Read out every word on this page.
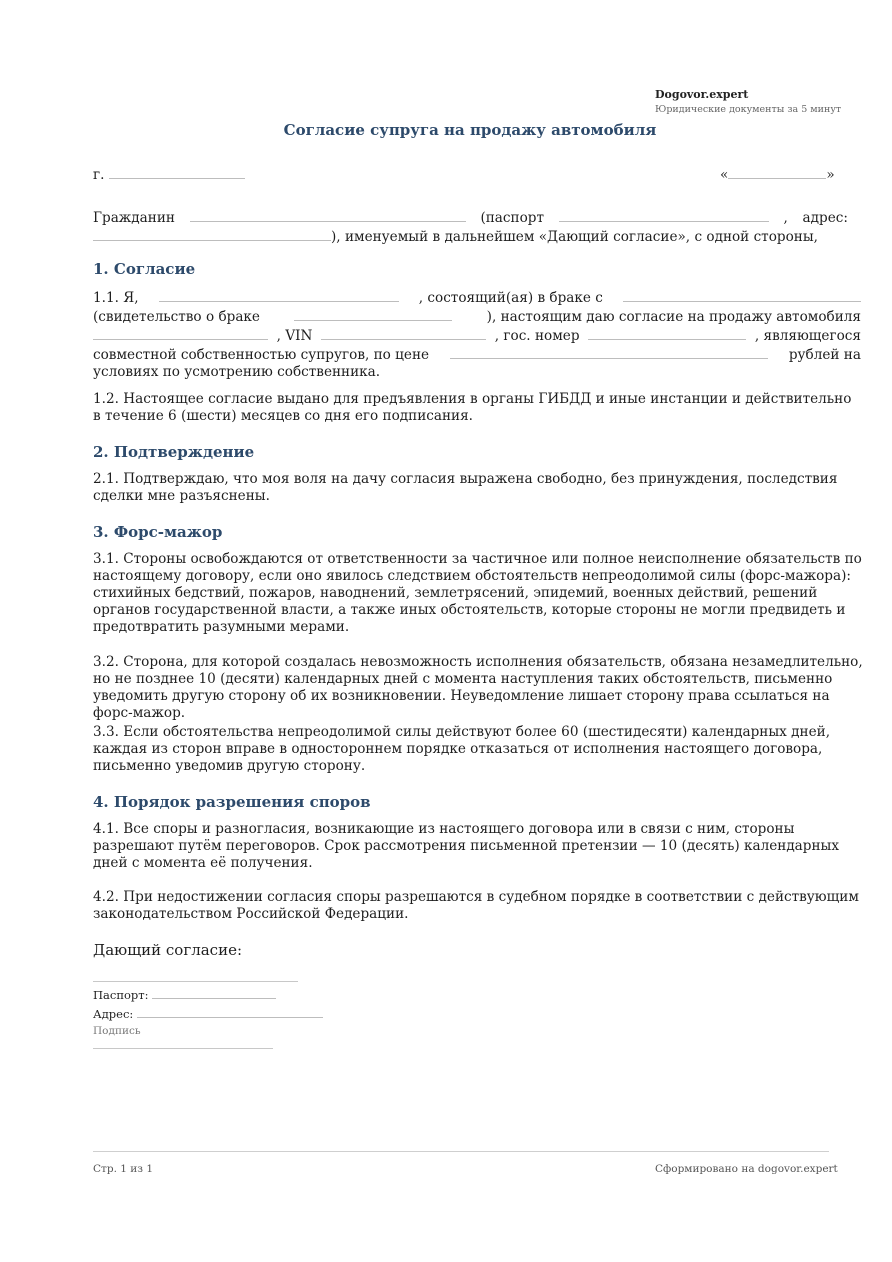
Dogovor.expert
Юридические документы за 5 минут
Согласие супруга на продажу автомобиля
г.	«	»
Гражданин	(паспорт	, адрес:
), именуемый в дальнейшем «Дающий согласие», с одной стороны,
1. Согласие
1.1. Я,	, состоящий(ая) в браке с
(свидетельство о браке	), настоящим даю согласие на продажу автомобиля
, VIN	, гос. номер	, являющегося
совместной собственностью супругов, по цене	рублей на
условиях по усмотрению собственника.
1.2. Настоящее согласие выдано для предъявления в органы ГИБДД и иные инстанции и действительно в течение 6 (шести) месяцев со дня его подписания.
2. Подтверждение
2.1. Подтверждаю, что моя воля на дачу согласия выражена свободно, без принуждения, последствия сделки мне разъяснены.
3. Форс-мажор
3.1. Стороны освобождаются от ответственности за частичное или полное неисполнение обязательств по настоящему договору, если оно явилось следствием обстоятельств непреодолимой силы (форс-мажора): стихийных бедствий, пожаров, наводнений, землетрясений, эпидемий, военных действий, решений органов государственной власти, а также иных обстоятельств, которые стороны не могли предвидеть и предотвратить разумными мерами.
3.2. Сторона, для которой создалась невозможность исполнения обязательств, обязана незамедлительно, но не позднее 10 (десяти) календарных дней с момента наступления таких обстоятельств, письменно уведомить другую сторону об их возникновении. Неуведомление лишает сторону права ссылаться на форс-мажор.
3.3. Если обстоятельства непреодолимой силы действуют более 60 (шестидесяти) календарных дней, каждая из сторон вправе в одностороннем порядке отказаться от исполнения настоящего договора, письменно уведомив другую сторону.
4. Порядок разрешения споров
4.1. Все споры и разногласия, возникающие из настоящего договора или в связи с ним, стороны разрешают путём переговоров. Срок рассмотрения письменной претензии — 10 (десять) календарных дней с момента её получения.
4.2. При недостижении согласия споры разрешаются в судебном порядке в соответствии с действующим законодательством Российской Федерации.
Дающий согласие:
Паспорт:
Адрес:
Подпись
Стр. 1 из 1	Сформировано на dogovor.expert
